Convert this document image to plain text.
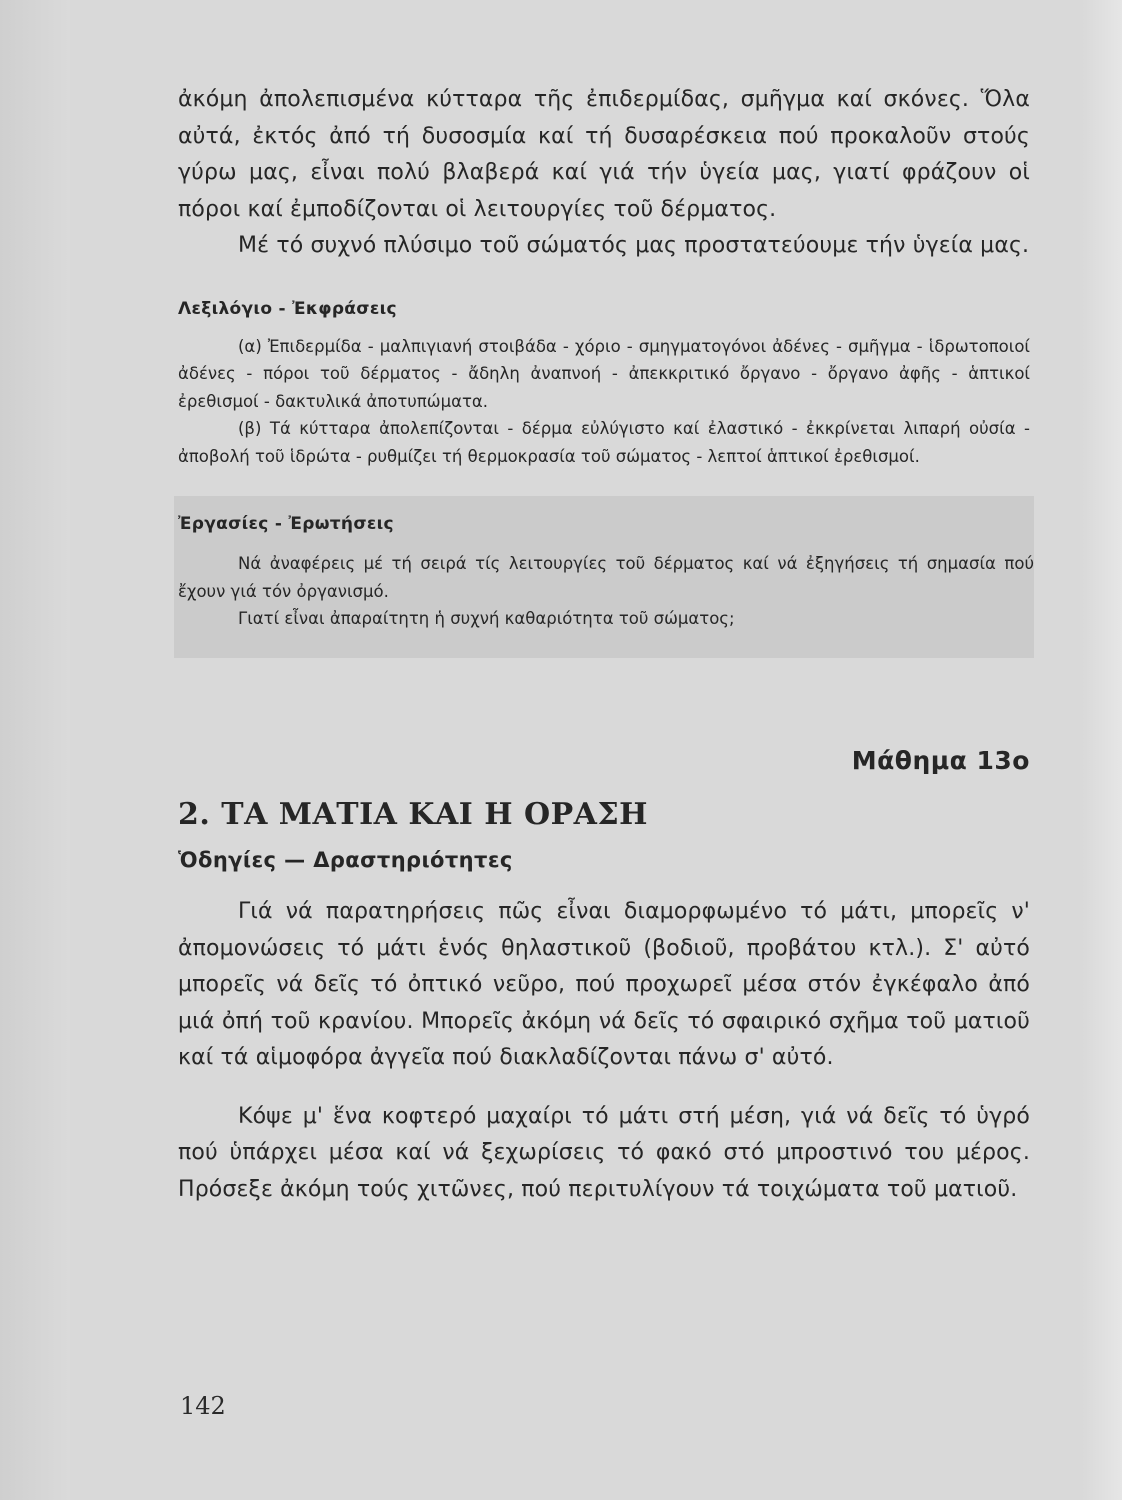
ἀκόμη ἀπολεπισμένα κύτταρα τῆς ἐπιδερμίδας, σμῆγμα καί σκόνες. Ὅλα αὐτά, ἐκτός ἀπό τή δυσοσμία καί τή δυσαρέσκεια πού προκαλοῦν στούς γύρω μας, εἶναι πολύ βλαβερά καί γιά τήν ὑγεία μας, γιατί φράζουν οἱ πόροι καί ἐμποδίζονται οἱ λειτουργίες τοῦ δέρματος.

Μέ τό συχνό πλύσιμο τοῦ σώματός μας προστατεύουμε τήν ὑγεία μας.

Λεξιλόγιο - Ἐκφράσεις

(α) Ἐπιδερμίδα - μαλπιγιανή στοιβάδα - χόριο - σμηγματογόνοι ἀδένες - σμῆγμα - ἱδρωτοποιοί ἀδένες - πόροι τοῦ δέρματος - ἄδηλη ἀναπνοή - ἀπεκκριτικό ὄργανο - ὄργανο ἀφῆς - ἁπτικοί ἐρεθισμοί - δακτυλικά ἀποτυπώματα.

(β) Τά κύτταρα ἀπολεπίζονται - δέρμα εὐλύγιστο καί ἐλαστικό - ἐκκρίνεται λιπαρή οὐσία - ἀποβολή τοῦ ἱδρώτα - ρυθμίζει τή θερμοκρασία τοῦ σώματος - λεπτοί ἁπτικοί ἐρεθισμοί.

Ἐργασίες - Ἐρωτήσεις

Νά ἀναφέρεις μέ τή σειρά τίς λειτουργίες τοῦ δέρματος καί νά ἐξηγήσεις τή σημασία πού ἔχουν γιά τόν ὀργανισμό.

Γιατί εἶναι ἀπαραίτητη ἡ συχνή καθαριότητα τοῦ σώματος;

Μάθημα 13ο

2. ΤΑ ΜΑΤΙΑ ΚΑΙ Η ΟΡΑΣΗ

Ὁδηγίες — Δραστηριότητες

Γιά νά παρατηρήσεις πῶς εἶναι διαμορφωμένο τό μάτι, μπορεῖς ν' ἀπομονώσεις τό μάτι ἑνός θηλαστικοῦ (βοδιοῦ, προβάτου κτλ.). Σ' αὐτό μπορεῖς νά δεῖς τό ὀπτικό νεῦρο, πού προχωρεῖ μέσα στόν ἐγκέφαλο ἀπό μιά ὀπή τοῦ κρανίου. Μπορεῖς ἀκόμη νά δεῖς τό σφαιρικό σχῆμα τοῦ ματιοῦ καί τά αἱμοφόρα ἀγγεῖα πού διακλαδίζονται πάνω σ' αὐτό.

Κόψε μ' ἕνα κοφτερό μαχαίρι τό μάτι στή μέση, γιά νά δεῖς τό ὑγρό πού ὑπάρχει μέσα καί νά ξεχωρίσεις τό φακό στό μπροστινό του μέρος. Πρόσεξε ἀκόμη τούς χιτῶνες, πού περιτυλίγουν τά τοιχώματα τοῦ ματιοῦ.

142
